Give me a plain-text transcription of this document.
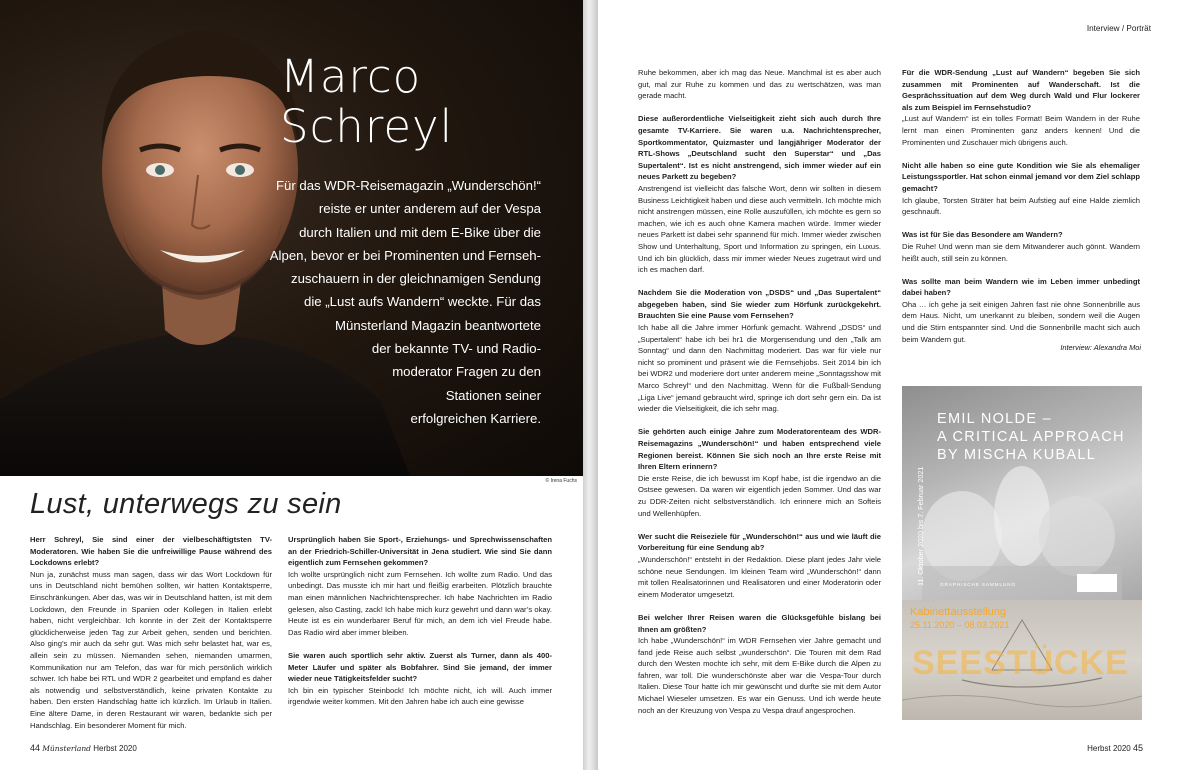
Marco
Schreyl
Für das WDR-Reisemagazin „Wunderschön!“
reiste er unter anderem auf der Vespa
durch Italien und mit dem E-Bike über die
Alpen, bevor er bei Prominenten und Fernseh-
zuschauern in der gleichnamigen Sendung
die „Lust aufs Wandern“ weckte. Für das
Münsterland Magazin beantwortete
der bekannte TV- und Radio-
moderator Fragen zu den
Stationen seiner
erfolgreichen Karriere.
© Irena Fuchs
Lust, unterwegs zu sein

Herr Schreyl, Sie sind einer der vielbeschäftigtsten TV-Moderatoren. Wie haben Sie die unfreiwillige Pause während des Lockdowns erlebt?

Nun ja, zunächst muss man sagen, dass wir das Wort Lockdown für uns in Deutschland nicht bemühen sollten, wir hatten Kontaktsperre, Einschränkungen. Aber das, was wir in Deutschland hatten, ist mit dem Lockdown, den Freunde in Spanien oder Kollegen in Italien erlebt haben, nicht vergleichbar. Ich konnte in der Zeit der Kontaktsperre glücklicherweise jeden Tag zur Arbeit gehen, senden und berichten. Also ging’s mir auch da sehr gut. Was mich sehr belastet hat, war es, allein sein zu müssen. Niemanden sehen, niemanden umarmen, Kommunikation nur am Telefon, das war für mich persönlich wirklich schwer. Ich habe bei RTL und WDR 2 gearbeitet und empfand es daher als notwendig und selbstverständlich, keine privaten Kontakte zu haben. Den ersten Handschlag hatte ich kürzlich. Im Urlaub in Italien. Eine ältere Dame, in deren Restaurant wir waren, bedankte sich per Handschlag. Ein besonderer Moment für mich.

Ursprünglich haben Sie Sport-, Erziehungs- und Sprechwissenschaften an der Friedrich-Schiller-Universität in Jena studiert. Wie sind Sie dann eigentlich zum Fernsehen gekommen?

Ich wollte ursprünglich nicht zum Fernsehen. Ich wollte zum Radio. Und das unbedingt. Das musste ich mir hart und fleißig erarbeiten. Plötzlich brauchte man einen männlichen Nachrichtensprecher. Ich habe Nachrichten im Radio gelesen, also Casting, zack! Ich habe mich kurz gewehrt und dann war’s okay. Heute ist es ein wunderbarer Beruf für mich, an dem ich viel Freude habe. Das Radio wird aber immer bleiben.

Sie waren auch sportlich sehr aktiv. Zuerst als Turner, dann als 400-Meter Läufer und später als Bobfahrer. Sind Sie jemand, der immer wieder neue Tätigkeitsfelder sucht?

Ich bin ein typischer Steinbock! Ich möchte nicht, ich will. Auch immer irgendwie weiter kommen. Mit den Jahren habe ich auch eine gewisse

44 Münsterland Herbst 2020
Interview / Porträt

Ruhe bekommen, aber ich mag das Neue. Manchmal ist es aber auch gut, mal zur Ruhe zu kommen und das zu wertschätzen, was man gerade macht.

Diese außerordentliche Vielseitigkeit zieht sich auch durch Ihre gesamte TV-Karriere. Sie waren u.a. Nachrichtensprecher, Sportkommentator, Quizmaster und langjähriger Moderator der RTL-Shows „Deutschland sucht den Superstar“ und „Das Supertalent“. Ist es nicht anstrengend, sich immer wieder auf ein neues Parkett zu begeben?

Anstrengend ist vielleicht das falsche Wort, denn wir sollten in diesem Business Leichtigkeit haben und diese auch vermitteln. Ich möchte mich nicht anstrengen müssen, eine Rolle auszufüllen, ich möchte es gern so machen, wie ich es auch ohne Kamera machen würde. Immer wieder neues Parkett ist dabei sehr spannend für mich. Immer wieder zwischen Show und Unterhaltung, Sport und Information zu springen, ein Luxus. Und ich bin glücklich, dass mir immer wieder Neues zugetraut wird und ich es machen darf.

Nachdem Sie die Moderation von „DSDS“ und „Das Supertalent“ abgegeben haben, sind Sie wieder zum Hörfunk zurückgekehrt. Brauchten Sie eine Pause vom Fernsehen?

Ich habe all die Jahre immer Hörfunk gemacht. Während „DSDS“ und „Supertalent“ habe ich bei hr1 die Morgensendung und den „Talk am Sonntag“ und dann den Nachmittag moderiert. Das war für viele nur nicht so prominent und präsent wie die Fernsehjobs. Seit 2014 bin ich bei WDR2 und moderiere dort unter anderem meine „Sonntagsshow mit Marco Schreyl“ und den Nachmittag. Wenn für die Fußball-Sendung „Liga Live“ jemand gebraucht wird, springe ich dort sehr gern ein. Da ist wieder die Vielseitigkeit, die ich sehr mag.

Sie gehörten auch einige Jahre zum Moderatorenteam des WDR-Reisemagazins „Wunderschön!“ und haben entsprechend viele Regionen bereist. Können Sie sich noch an Ihre erste Reise mit Ihren Eltern erinnern?

Die erste Reise, die ich bewusst im Kopf habe, ist die irgendwo an die Ostsee gewesen. Da waren wir eigentlich jeden Sommer. Und das war zu DDR-Zeiten nicht selbstverständlich. Ich erinnere mich an Softeis und Wellenhüpfen.

Wer sucht die Reiseziele für „Wunderschön!“ aus und wie läuft die Vorbereitung für eine Sendung ab?

„Wunderschön!“ entsteht in der Redaktion. Diese plant jedes Jahr viele schöne neue Sendungen. Im kleinen Team wird „Wunderschön!“ dann mit tollen Realisatorinnen und Realisatoren und einer Moderatorin oder einem Moderator umgesetzt.

Bei welcher Ihrer Reisen waren die Glücksgefühle bislang bei Ihnen am größten?

Ich habe „Wunderschön!“ im WDR Fernsehen vier Jahre gemacht und fand jede Reise auch selbst „wunderschön“. Die Touren mit dem Rad durch den Westen mochte ich sehr, mit dem E-Bike durch die Alpen zu fahren, war toll. Die wunderschönste aber war die Vespa-Tour durch Italien. Diese Tour hatte ich mir gewünscht und durfte sie mit dem Autor Michael Wieseler umsetzen. Es war ein Genuss. Und ich werde heute noch an der Kreuzung von Vespa zu Vespa drauf angesprochen.

Für die WDR-Sendung „Lust auf Wandern“ begeben Sie sich zusammen mit Prominenten auf Wanderschaft. Ist die Gesprächssituation auf dem Weg durch Wald und Flur lockerer als zum Beispiel im Fernsehstudio?

„Lust auf Wandern“ ist ein tolles Format! Beim Wandern in der Ruhe lernt man einen Prominenten ganz anders kennen! Und die Prominenten und Zuschauer mich übrigens auch.

Nicht alle haben so eine gute Kondition wie Sie als ehemaliger Leistungssportler. Hat schon einmal jemand vor dem Ziel schlapp gemacht?

Ich glaube, Torsten Sträter hat beim Aufstieg auf eine Halde ziemlich geschnauft.

Was ist für Sie das Besondere am Wandern?

Die Ruhe! Und wenn man sie dem Mitwanderer auch gönnt. Wandern heißt auch, still sein zu können.

Was sollte man beim Wandern wie im Leben immer unbedingt dabei haben?

Oha … ich gehe ja seit einigen Jahren fast nie ohne Sonnenbrille aus dem Haus. Nicht, um unerkannt zu bleiben, sondern weil die Augen und die Stirn entspannter sind. Und die Sonnenbrille macht sich auch beim Wandern gut.

Interview: Alexandra Moi
11. Oktober 2020 bis 7. Februar 2021
EMIL NOLDE –
A CRITICAL APPROACH
BY MISCHA KUBALL
GRAPHISCHE SAMMLUNG
Kabinettausstellung
25.11.2020 – 08.03.2021
SEESTÜCKE
Herbst 2020 45
